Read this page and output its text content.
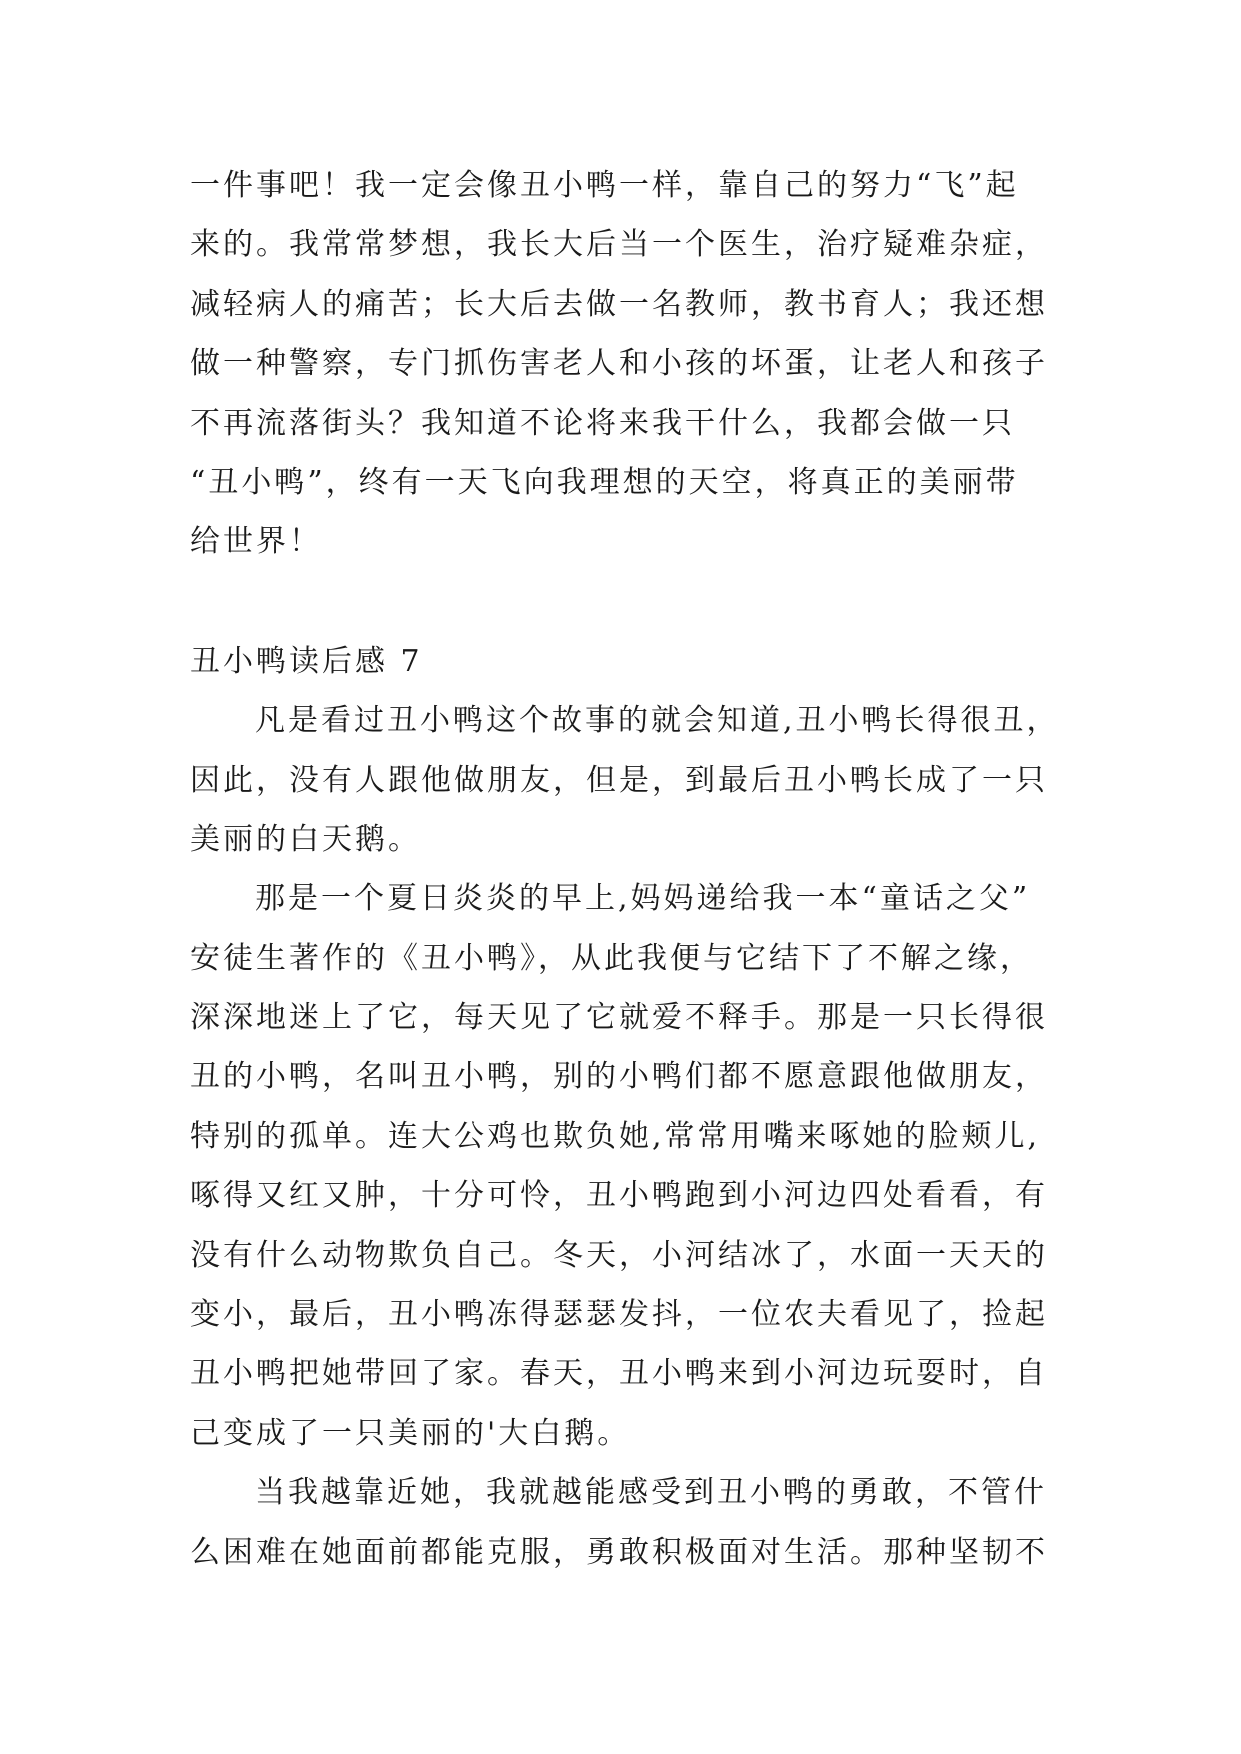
一件事吧！我一定会像丑小鸭一样，靠自己的努力“飞”起
来的。我常常梦想，我长大后当一个医生，治疗疑难杂症，
减轻病人的痛苦；长大后去做一名教师，教书育人；我还想
做一种警察，专门抓伤害老人和小孩的坏蛋，让老人和孩子
不再流落街头？我知道不论将来我干什么，我都会做一只
“丑小鸭”，终有一天飞向我理想的天空，将真正的美丽带
给世界！
丑小鸭读后感 7
凡是看过丑小鸭这个故事的就会知道,丑小鸭长得很丑，
因此，没有人跟他做朋友，但是，到最后丑小鸭长成了一只
美丽的白天鹅。
那是一个夏日炎炎的早上,妈妈递给我一本“童话之父”
安徒生著作的《丑小鸭》，从此我便与它结下了不解之缘，
深深地迷上了它，每天见了它就爱不释手。那是一只长得很
丑的小鸭，名叫丑小鸭，别的小鸭们都不愿意跟他做朋友，
特别的孤单。连大公鸡也欺负她,常常用嘴来啄她的脸颊儿,
啄得又红又肿，十分可怜，丑小鸭跑到小河边四处看看，有
没有什么动物欺负自己。冬天，小河结冰了，水面一天天的
变小，最后，丑小鸭冻得瑟瑟发抖，一位农夫看见了，捡起
丑小鸭把她带回了家。春天，丑小鸭来到小河边玩耍时，自
己变成了一只美丽的'大白鹅。
当我越靠近她，我就越能感受到丑小鸭的勇敢，不管什
么困难在她面前都能克服，勇敢积极面对生活。那种坚韧不
